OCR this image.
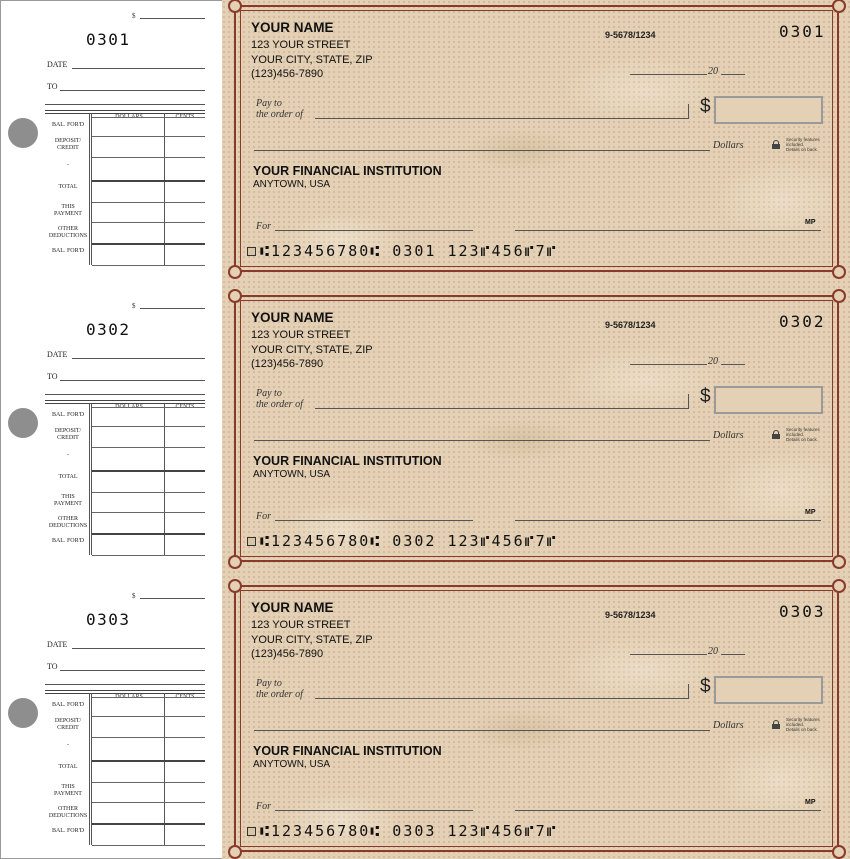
$
0301
DATE
TO
DOLLARS	CENTS
BAL. FOR'D
DEPOSIT/
CREDIT
-
TOTAL
THIS
PAYMENT
OTHER
DEDUCTIONS
BAL. FOR'D
YOUR NAME
123 YOUR STREET
YOUR CITY, STATE, ZIP
(123)456-7890
9-5678/1234	0301
20
Pay to
the order of	$
Dollars
Security features
included.
Details on back.
YOUR FINANCIAL INSTITUTION
ANYTOWN, USA
For	MP
⑆123456780⑆ 0301 123⑈456⑈7⑈
$
0302
DATE
TO
DOLLARS	CENTS
BAL. FOR'D
DEPOSIT/
CREDIT
-
TOTAL
THIS
PAYMENT
OTHER
DEDUCTIONS
BAL. FOR'D
YOUR NAME
123 YOUR STREET
YOUR CITY, STATE, ZIP
(123)456-7890
9-5678/1234	0302
20
Pay to
the order of	$
Dollars
Security features
included.
Details on back.
YOUR FINANCIAL INSTITUTION
ANYTOWN, USA
For	MP
⑆123456780⑆ 0302 123⑈456⑈7⑈
$
0303
DATE
TO
DOLLARS	CENTS
BAL. FOR'D
DEPOSIT/
CREDIT
-
TOTAL
THIS
PAYMENT
OTHER
DEDUCTIONS
BAL. FOR'D
YOUR NAME
123 YOUR STREET
YOUR CITY, STATE, ZIP
(123)456-7890
9-5678/1234	0303
20
Pay to
the order of	$
Dollars
Security features
included.
Details on back.
YOUR FINANCIAL INSTITUTION
ANYTOWN, USA
For	MP
⑆123456780⑆ 0303 123⑈456⑈7⑈
